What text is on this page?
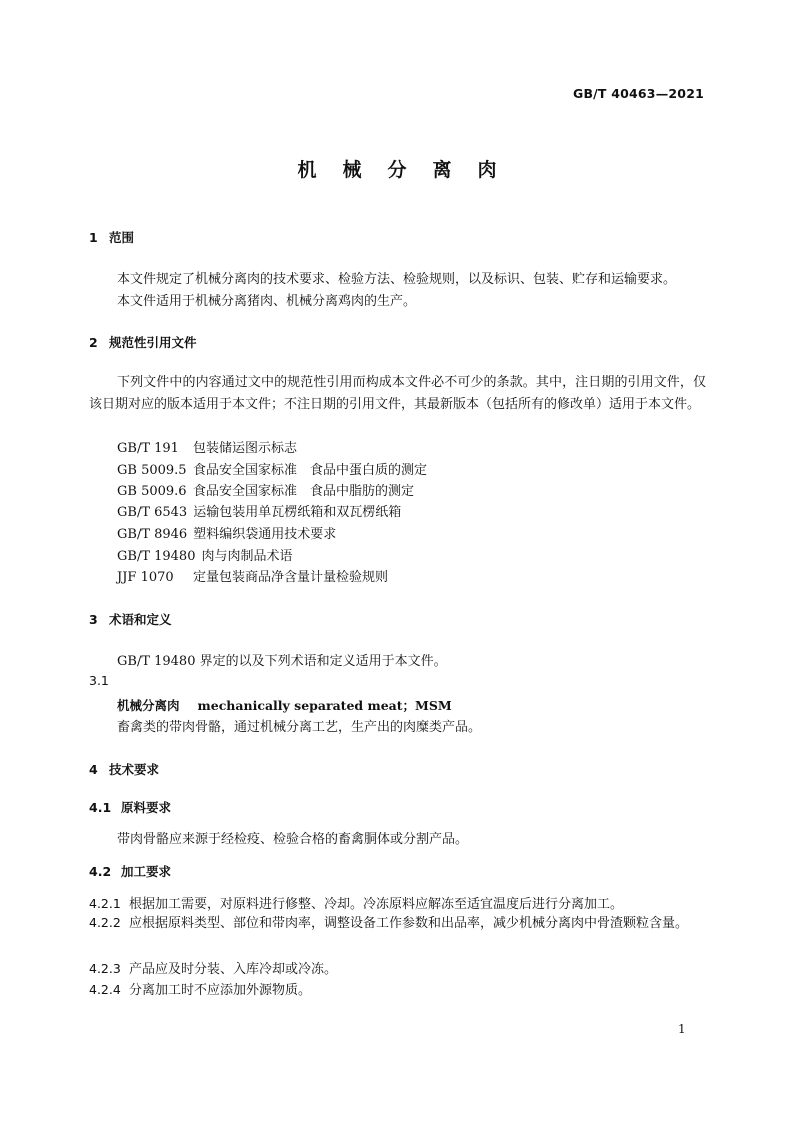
GB/T 40463—2021
机械分离肉
1 范围
本文件规定了机械分离肉的技术要求、检验方法、检验规则，以及标识、包装、贮存和运输要求。
本文件适用于机械分离猪肉、机械分离鸡肉的生产。
2 规范性引用文件
下列文件中的内容通过文中的规范性引用而构成本文件必不可少的条款。其中，注日期的引用文件，仅该日期对应的版本适用于本文件；不注日期的引用文件，其最新版本（包括所有的修改单）适用于本文件。
GB/T 191 包装储运图示标志
GB 5009.5 食品安全国家标准　食品中蛋白质的测定
GB 5009.6 食品安全国家标准　食品中脂肪的测定
GB/T 6543 运输包装用单瓦楞纸箱和双瓦楞纸箱
GB/T 8946 塑料编织袋通用技术要求
GB/T 19480 肉与肉制品术语
JJF 1070 定量包装商品净含量计量检验规则
3 术语和定义
GB/T 19480 界定的以及下列术语和定义适用于本文件。
3.1
机械分离肉 mechanically separated meat；MSM
畜禽类的带肉骨骼，通过机械分离工艺，生产出的肉糜类产品。
4 技术要求
4.1 原料要求
带肉骨骼应来源于经检疫、检验合格的畜禽胴体或分割产品。
4.2 加工要求
4.2.1 根据加工需要，对原料进行修整、冷却。冷冻原料应解冻至适宜温度后进行分离加工。
4.2.2 应根据原料类型、部位和带肉率，调整设备工作参数和出品率，减少机械分离肉中骨渣颗粒含量。
4.2.3 产品应及时分装、入库冷却或冷冻。
4.2.4 分离加工时不应添加外源物质。
1
